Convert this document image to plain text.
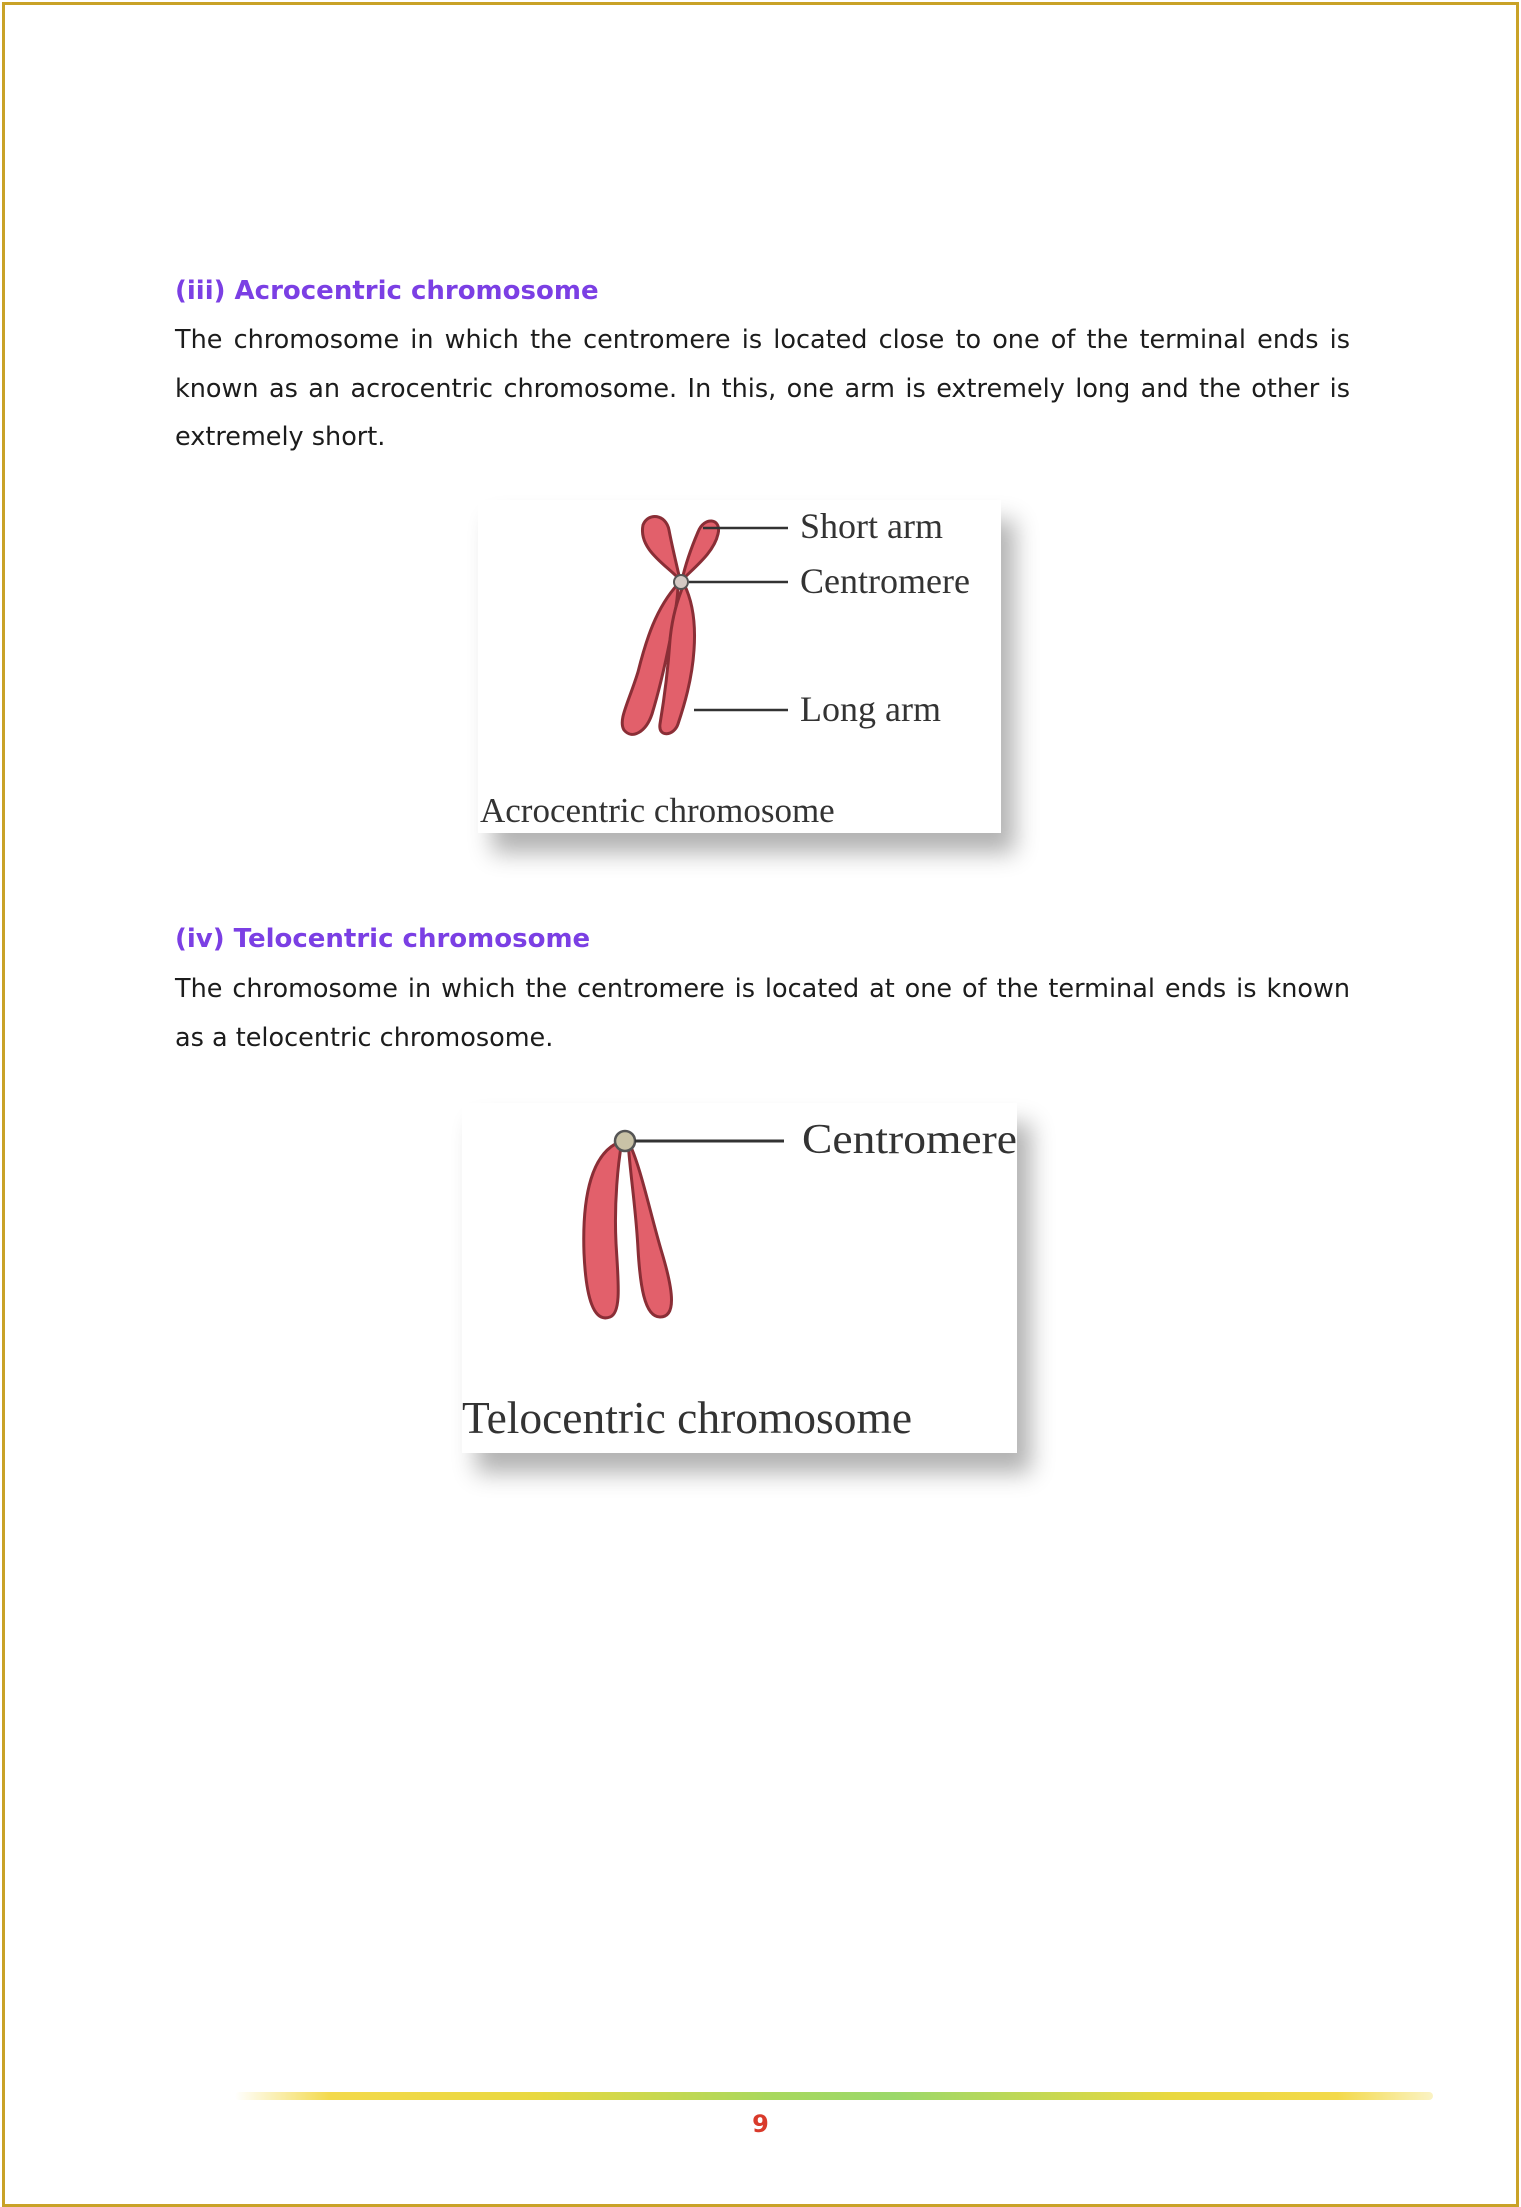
(iii) Acrocentric chromosome

The chromosome in which the centromere is located close to one of the terminal ends is known as an acrocentric chromosome. In this, one arm is extremely long and the other is extremely short.

Short arm
Centromere
Long arm
Acrocentric chromosome
(iv) Telocentric chromosome

The chromosome in which the centromere is located at one of the terminal ends is known as a telocentric chromosome.

Centromere
Telocentric chromosome
9
